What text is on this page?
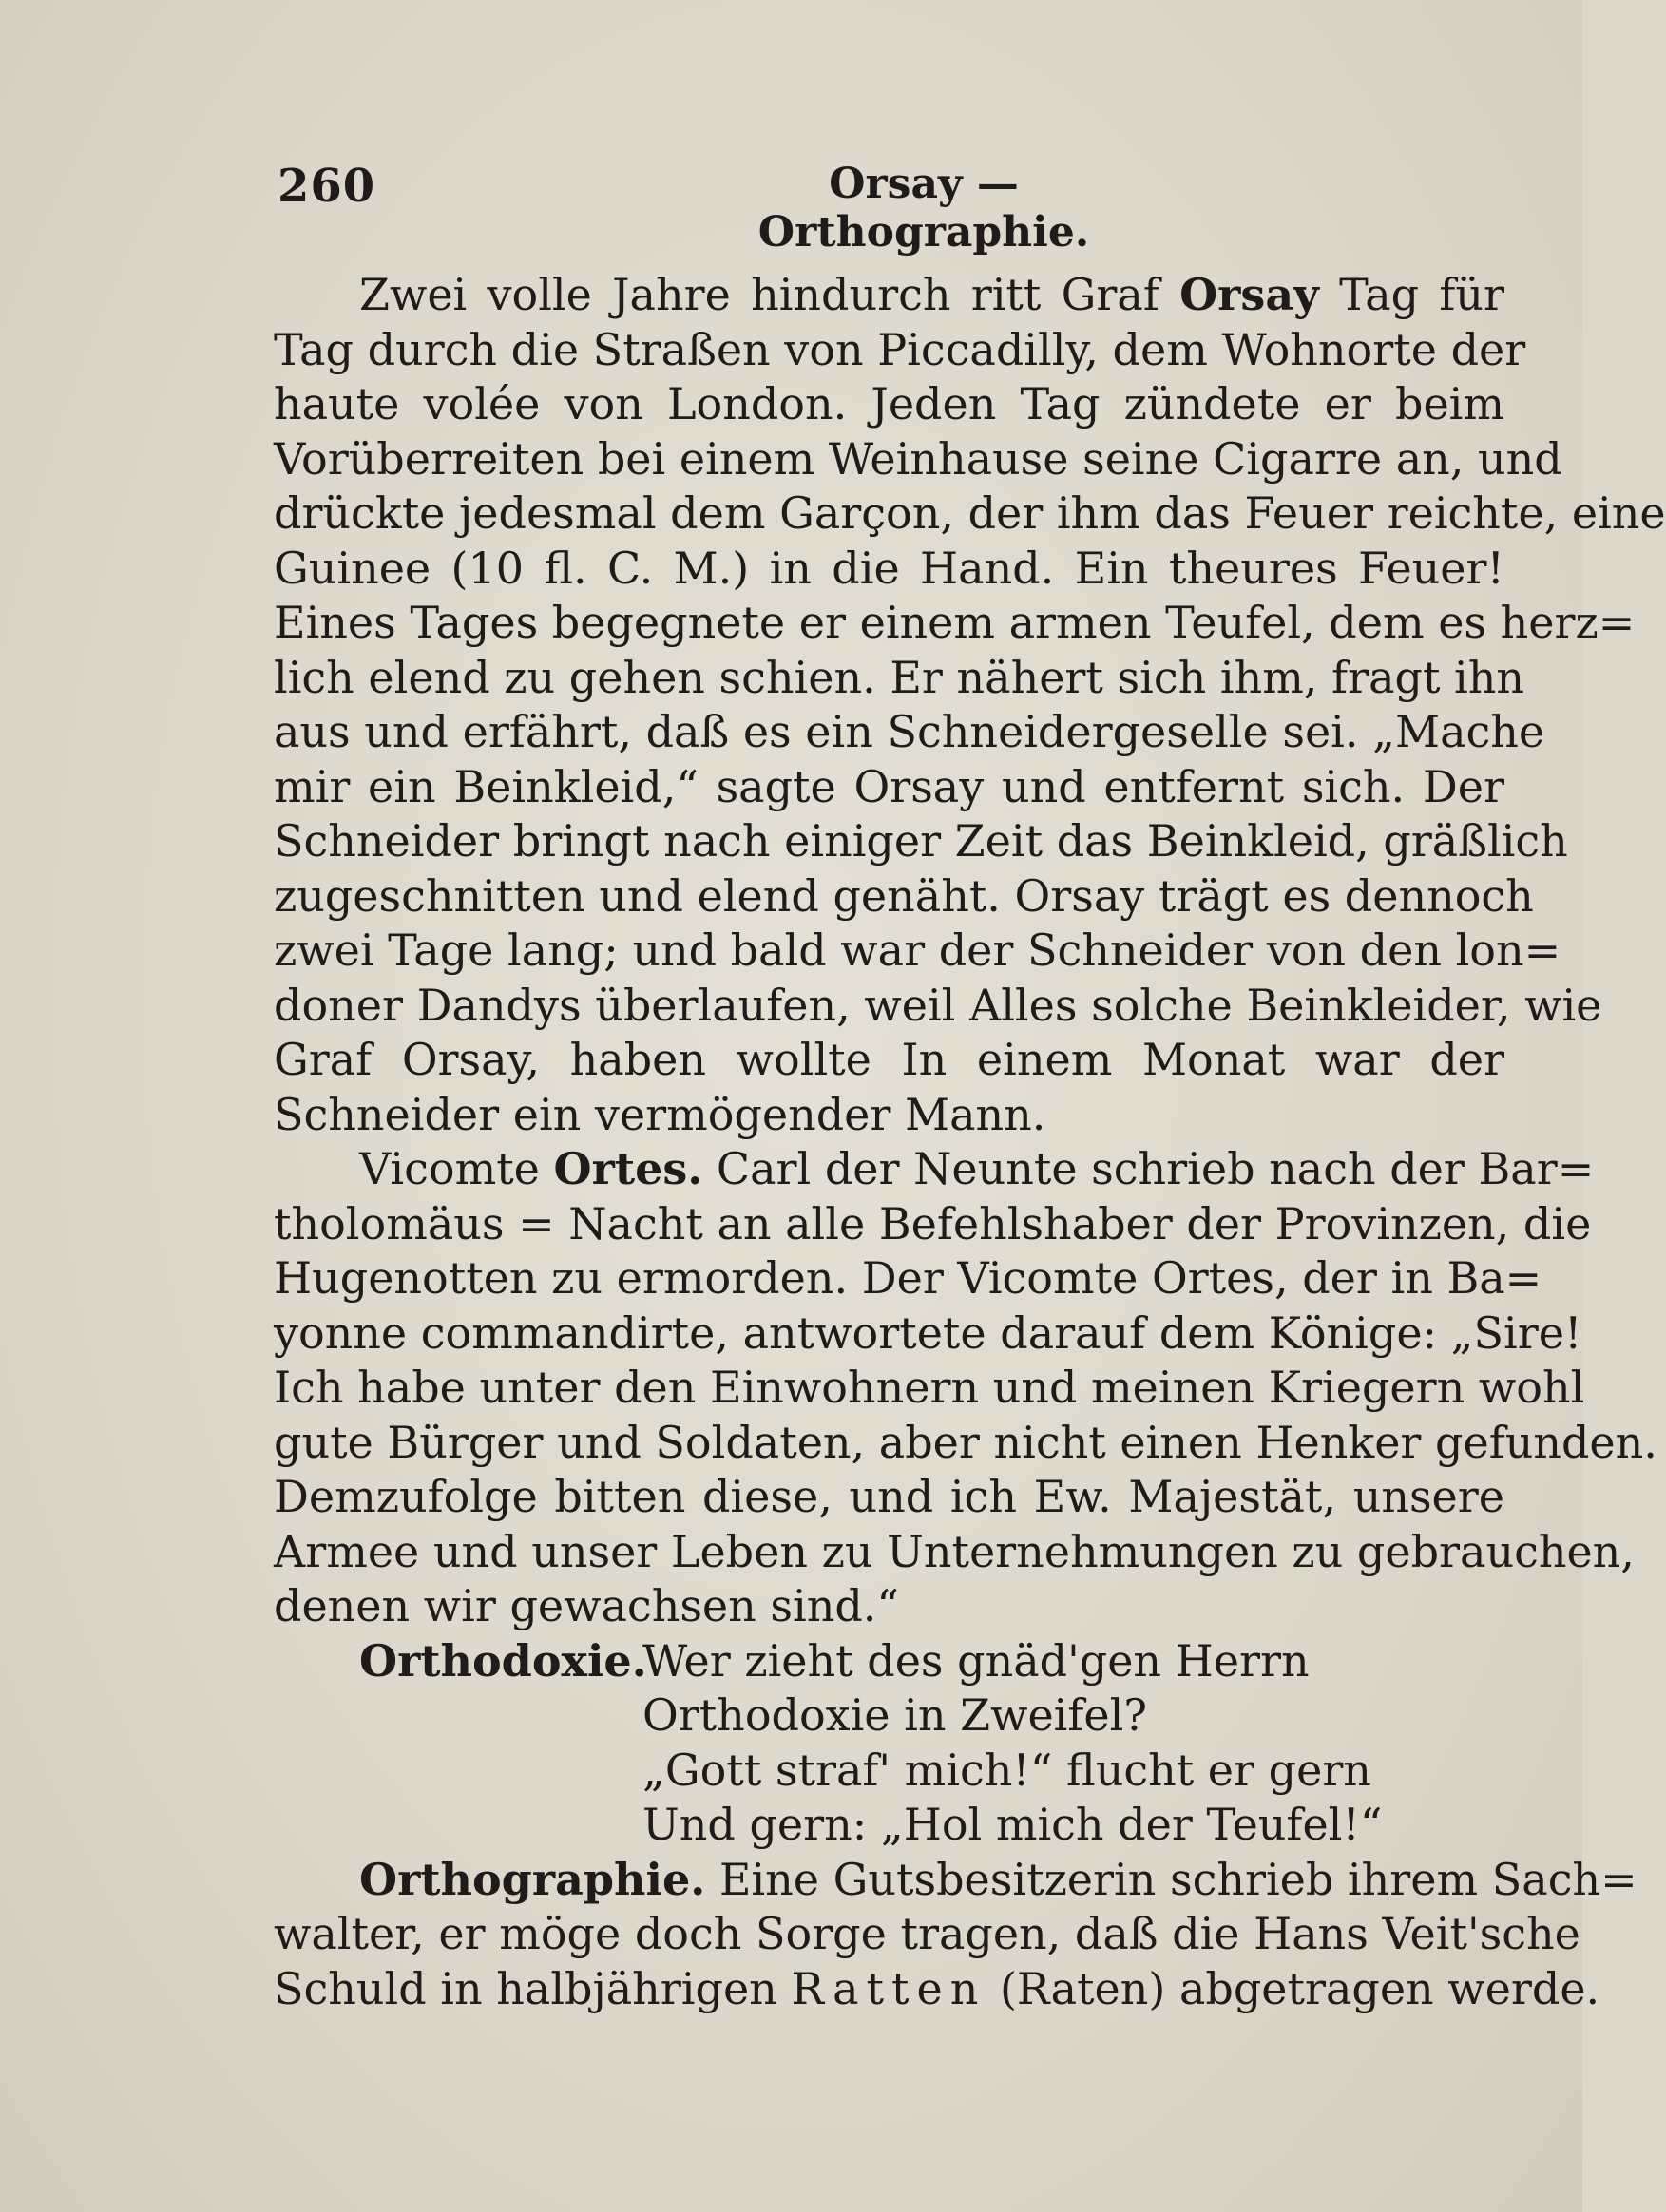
260	Orsay — Orthographie.
Zwei volle Jahre hindurch ritt Graf Orsay Tag für
Tag durch die Straßen von Piccadilly, dem Wohnorte der
haute volée von London. Jeden Tag zündete er beim
Vorüberreiten bei einem Weinhause seine Cigarre an, und
drückte jedesmal dem Garçon, der ihm das Feuer reichte, eine
Guinee (10 fl. C. M.) in die Hand. Ein theures Feuer!
Eines Tages begegnete er einem armen Teufel, dem es herz=
lich elend zu gehen schien. Er nähert sich ihm, fragt ihn
aus und erfährt, daß es ein Schneidergeselle sei. „Mache
mir ein Beinkleid,“ sagte Orsay und entfernt sich. Der
Schneider bringt nach einiger Zeit das Beinkleid, gräßlich
zugeschnitten und elend genäht. Orsay trägt es dennoch
zwei Tage lang; und bald war der Schneider von den lon=
doner Dandys überlaufen, weil Alles solche Beinkleider, wie
Graf Orsay, haben wollte In einem Monat war der
Schneider ein vermögender Mann.
Vicomte Ortes. Carl der Neunte schrieb nach der Bar=
tholomäus = Nacht an alle Befehlshaber der Provinzen, die
Hugenotten zu ermorden. Der Vicomte Ortes, der in Ba=
yonne commandirte, antwortete darauf dem Könige: „Sire!
Ich habe unter den Einwohnern und meinen Kriegern wohl
gute Bürger und Soldaten, aber nicht einen Henker gefunden.
Demzufolge bitten diese, und ich Ew. Majestät, unsere
Armee und unser Leben zu Unternehmungen zu gebrauchen,
denen wir gewachsen sind.“
Orthodoxie.
Wer zieht des gnäd'gen Herrn
Orthodoxie in Zweifel?
„Gott straf' mich!“ flucht er gern
Und gern: „Hol mich der Teufel!“
Orthographie. Eine Gutsbesitzerin schrieb ihrem Sach=
walter, er möge doch Sorge tragen, daß die Hans Veit'sche
Schuld in halbjährigen Ratten (Raten) abgetragen werde.
